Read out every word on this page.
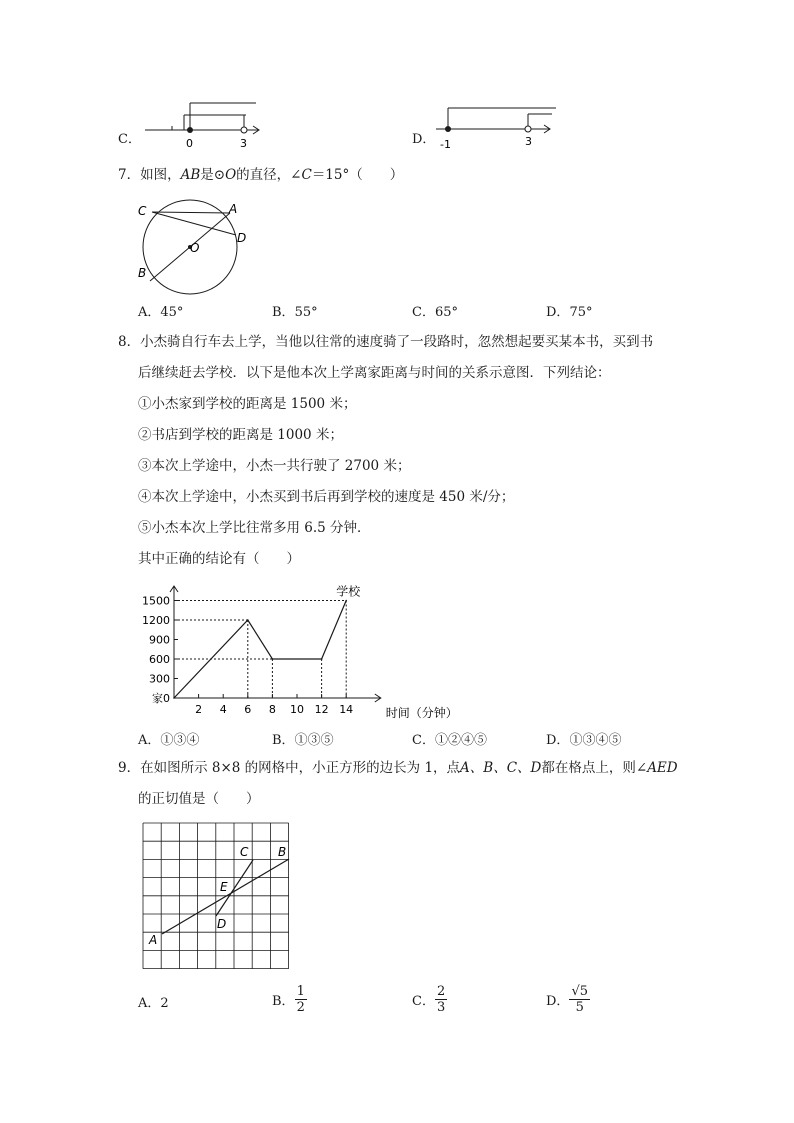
C．	0	3	D． -1	3
7．如图，AB是⊙O的直径，∠C＝15°（　　）
C	A
D
O
B
A．45°	B．55°	C．65°	D．75°
8．小杰骑自行车去上学，当他以往常的速度骑了一段路时，忽然想起要买某本书，买到书
后继续赶去学校．以下是他本次上学离家距离与时间的关系示意图．下列结论：
①小杰家到学校的距离是 1500 米；
②书店到学校的距离是 1000 米；
③本次上学途中，小杰一共行驶了 2700 米；
④本次上学途中，小杰买到书后再到学校的速度是 450 米/分；
⑤小杰本次上学比往常多用 6.5 分钟．
其中正确的结论有（　　）
300
600
900
1200
1500
2 4 6 8 10 12 14
家0
时间（分钟）
学校
A．①③④	B．①③⑤	C．①②④⑤	D．①③④⑤
9．在如图所示 8×8 的网格中，小正方形的边长为 1，点A、B、C、D都在格点上，则∠AED
的正切值是（　　）
A
B
C
D
E
A．2	B． $\frac{1}{2}$	C． $\frac{2}{3}$	D． $\frac{√5}{5}$
